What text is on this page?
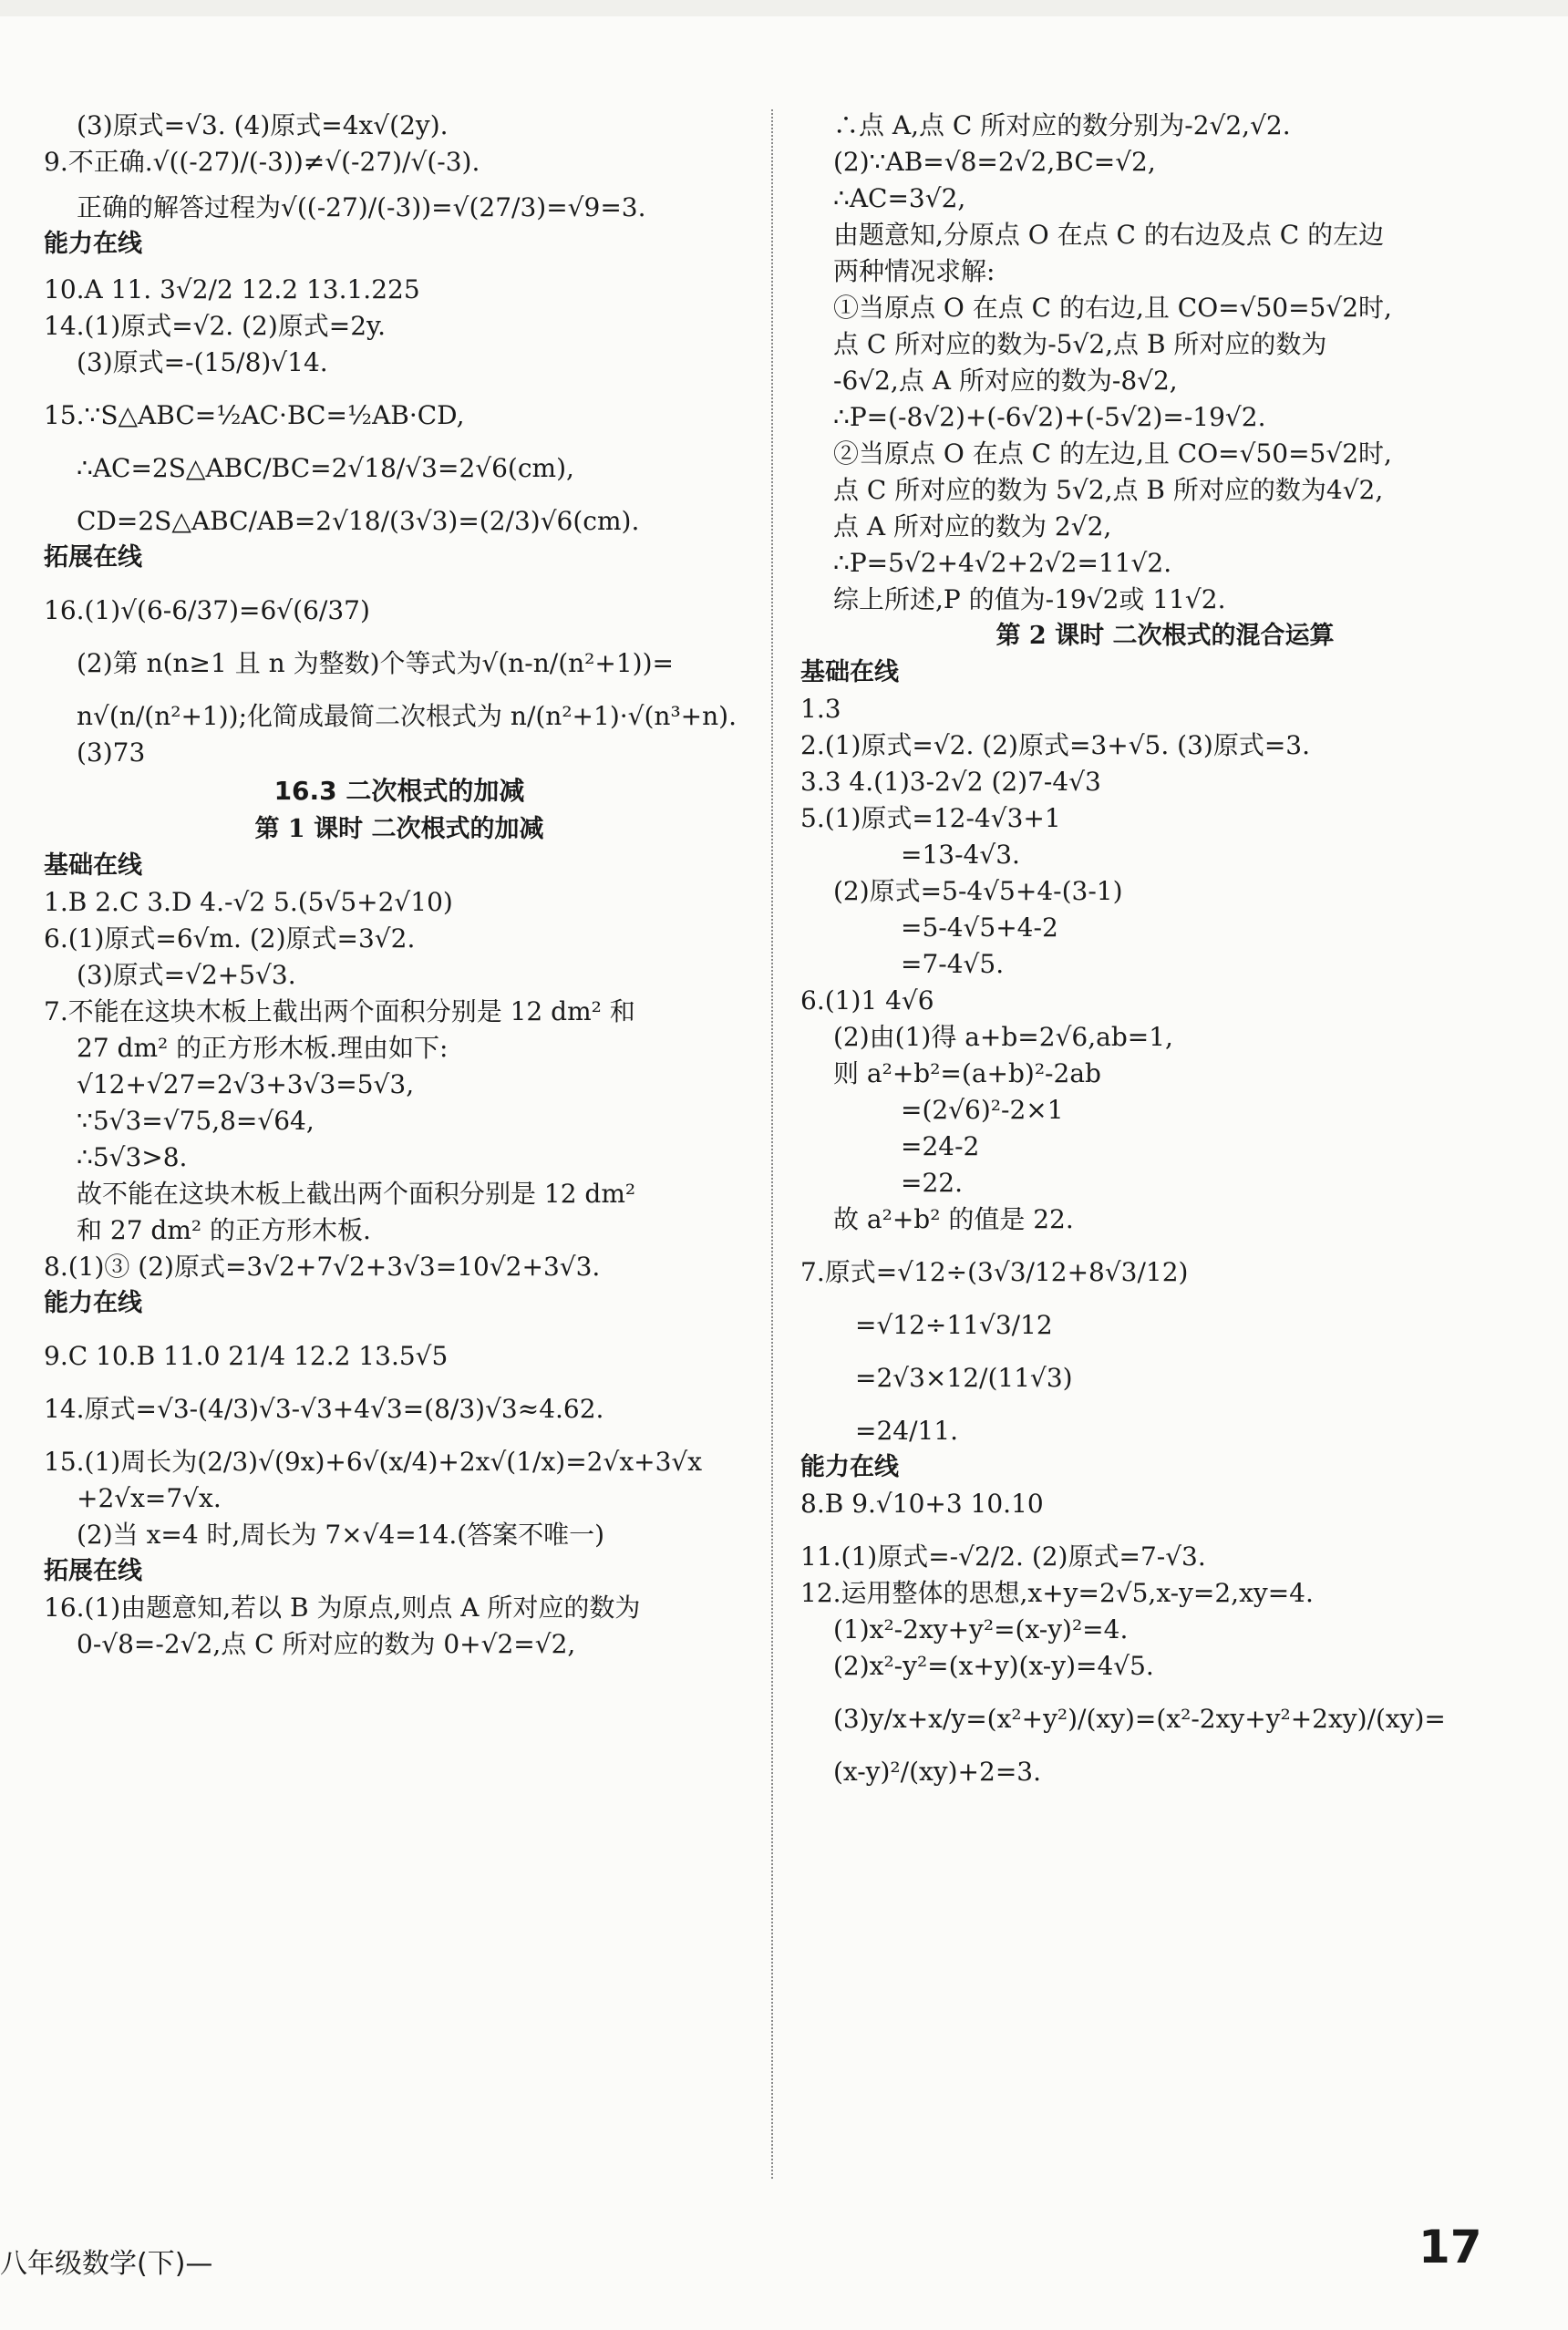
(3)原式=√3. (4)原式=4x√(2y).

9.不正确.√((-27)/(-3))≠√(-27)/√(-3).

正确的解答过程为√((-27)/(-3))=√(27/3)=√9=3.

能力在线

10.A 11. 3√2/2 12.2 13.1.225

14.(1)原式=√2. (2)原式=2y.

(3)原式=-(15/8)√14.

15.∵S△ABC=½AC·BC=½AB·CD,

∴AC=2S△ABC/BC=2√18/√3=2√6(cm),

CD=2S△ABC/AB=2√18/(3√3)=(2/3)√6(cm).

拓展在线

16.(1)√(6-6/37)=6√(6/37)

(2)第 n(n≥1 且 n 为整数)个等式为√(n-n/(n²+1))=

n√(n/(n²+1));化简成最简二次根式为 n/(n²+1)·√(n³+n).

(3)73

16.3 二次根式的加减

第 1 课时 二次根式的加减

基础在线

1.B 2.C 3.D 4.-√2 5.(5√5+2√10)

6.(1)原式=6√m. (2)原式=3√2.

(3)原式=√2+5√3.

7.不能在这块木板上截出两个面积分别是 12 dm² 和

27 dm² 的正方形木板.理由如下:

√12+√27=2√3+3√3=5√3,

∵5√3=√75,8=√64,

∴5√3>8.

故不能在这块木板上截出两个面积分别是 12 dm²

和 27 dm² 的正方形木板.

8.(1)③ (2)原式=3√2+7√2+3√3=10√2+3√3.

能力在线

9.C 10.B 11.0 21/4 12.2 13.5√5

14.原式=√3-(4/3)√3-√3+4√3=(8/3)√3≈4.62.

15.(1)周长为(2/3)√(9x)+6√(x/4)+2x√(1/x)=2√x+3√x

+2√x=7√x.

(2)当 x=4 时,周长为 7×√4=14.(答案不唯一)

拓展在线

16.(1)由题意知,若以 B 为原点,则点 A 所对应的数为

0-√8=-2√2,点 C 所对应的数为 0+√2=√2,

∴点 A,点 C 所对应的数分别为-2√2,√2.

(2)∵AB=√8=2√2,BC=√2,

∴AC=3√2,

由题意知,分原点 O 在点 C 的右边及点 C 的左边

两种情况求解:

①当原点 O 在点 C 的右边,且 CO=√50=5√2时,

点 C 所对应的数为-5√2,点 B 所对应的数为

-6√2,点 A 所对应的数为-8√2,

∴P=(-8√2)+(-6√2)+(-5√2)=-19√2.

②当原点 O 在点 C 的左边,且 CO=√50=5√2时,

点 C 所对应的数为 5√2,点 B 所对应的数为4√2,

点 A 所对应的数为 2√2,

∴P=5√2+4√2+2√2=11√2.

综上所述,P 的值为-19√2或 11√2.

第 2 课时 二次根式的混合运算

基础在线

1.3

2.(1)原式=√2. (2)原式=3+√5. (3)原式=3.

3.3 4.(1)3-2√2 (2)7-4√3

5.(1)原式=12-4√3+1

=13-4√3.

(2)原式=5-4√5+4-(3-1)

=5-4√5+4-2

=7-4√5.

6.(1)1 4√6

(2)由(1)得 a+b=2√6,ab=1,

则 a²+b²=(a+b)²-2ab

=(2√6)²-2×1

=24-2

=22.

故 a²+b² 的值是 22.

7.原式=√12÷(3√3/12+8√3/12)

=√12÷11√3/12

=2√3×12/(11√3)

=24/11.

能力在线

8.B 9.√10+3 10.10

11.(1)原式=-√2/2. (2)原式=7-√3.

12.运用整体的思想,x+y=2√5,x-y=2,xy=4.

(1)x²-2xy+y²=(x-y)²=4.

(2)x²-y²=(x+y)(x-y)=4√5.

(3)y/x+x/y=(x²+y²)/(xy)=(x²-2xy+y²+2xy)/(xy)=

(x-y)²/(xy)+2=3.

八年级数学(下)—	17
